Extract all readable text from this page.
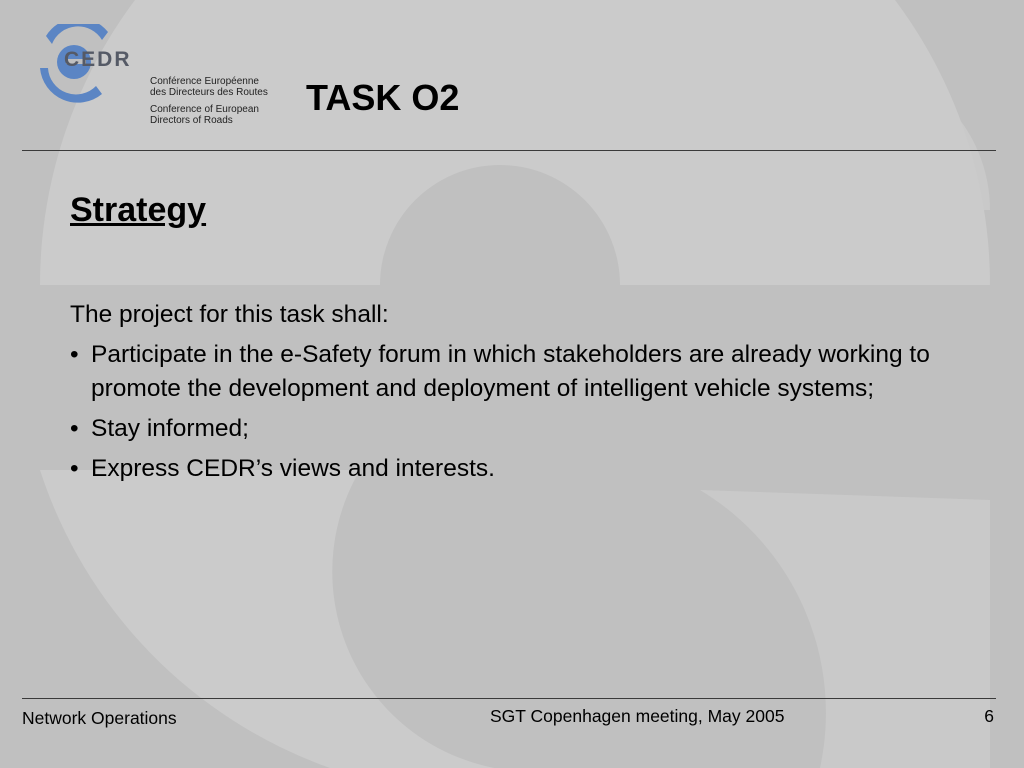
CEDR
Conférence Européenne
des Directeurs des Routes
Conference of European
Directors of Roads
TASK O2
Strategy

The project for this task shall:

• Participate in the e-Safety forum in which stakeholders are already working to promote the development and deployment of intelligent vehicle systems;
• Stay informed;
• Express CEDR’s views and interests.
Network Operations	SGT Copenhagen meeting, May 2005	6
